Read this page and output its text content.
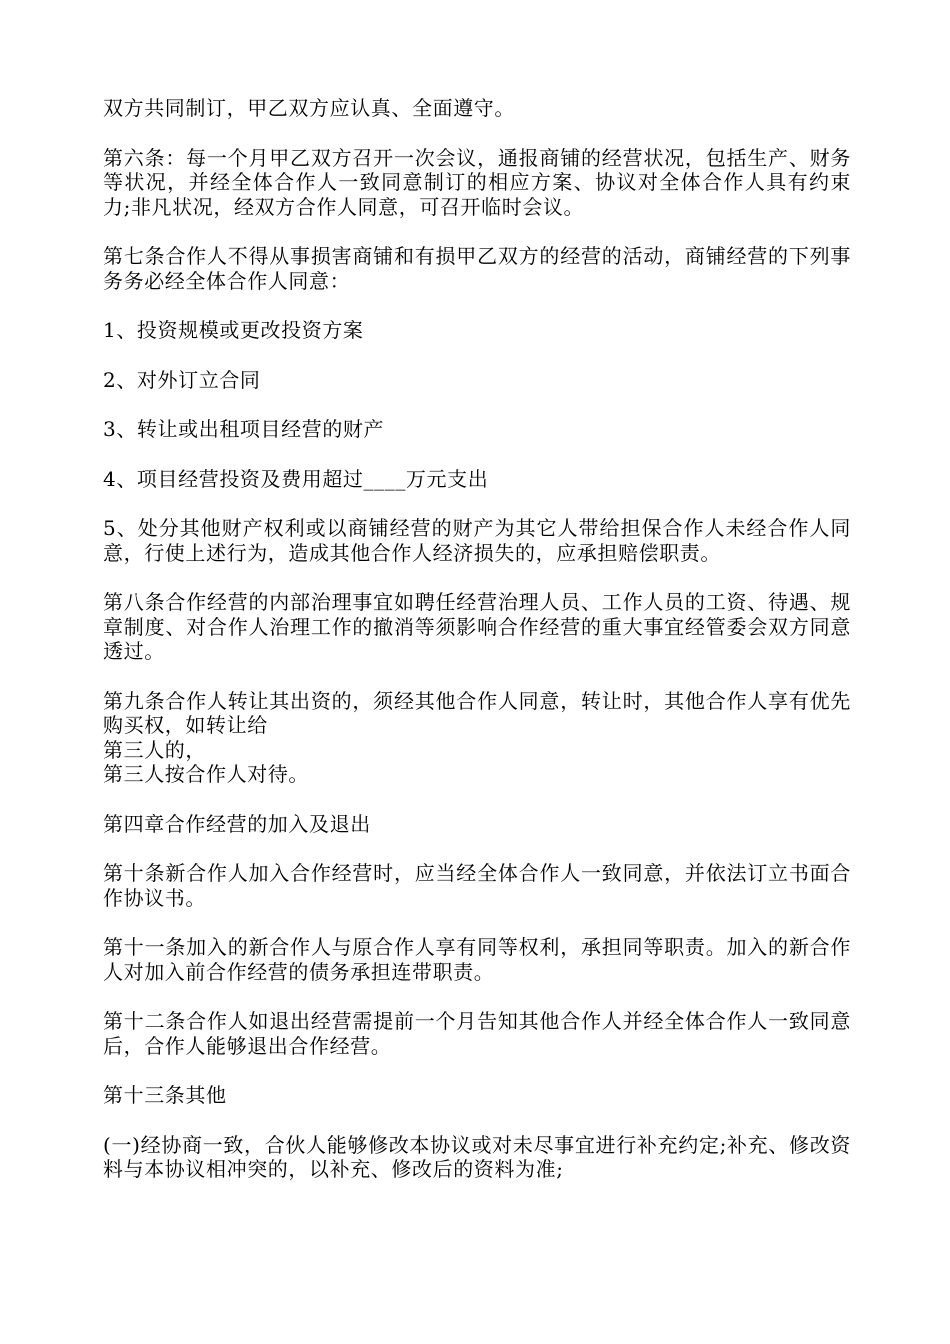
双方共同制订，甲乙双方应认真、全面遵守。
第六条：每一个月甲乙双方召开一次会议，通报商铺的经营状况，包括生产、财务等状况，并经全体合作人一致同意制订的相应方案、协议对全体合作人具有约束力;非凡状况，经双方合作人同意，可召开临时会议。
第七条合作人不得从事损害商铺和有损甲乙双方的经营的活动，商铺经营的下列事务务必经全体合作人同意：
1、投资规模或更改投资方案
2、对外订立合同
3、转让或出租项目经营的财产
4、项目经营投资及费用超过____万元支出
5、处分其他财产权利或以商铺经营的财产为其它人带给担保合作人未经合作人同意，行使上述行为，造成其他合作人经济损失的，应承担赔偿职责。
第八条合作经营的内部治理事宜如聘任经营治理人员、工作人员的工资、待遇、规章制度、对合作人治理工作的撤消等须影响合作经营的重大事宜经管委会双方同意透过。
第九条合作人转让其出资的，须经其他合作人同意，转让时，其他合作人享有优先购买权，如转让给
第三人的，
第三人按合作人对待。
第四章合作经营的加入及退出
第十条新合作人加入合作经营时，应当经全体合作人一致同意，并依法订立书面合作协议书。
第十一条加入的新合作人与原合作人享有同等权利，承担同等职责。加入的新合作人对加入前合作经营的债务承担连带职责。
第十二条合作人如退出经营需提前一个月告知其他合作人并经全体合作人一致同意后，合作人能够退出合作经营。
第十三条其他
(一)经协商一致，合伙人能够修改本协议或对未尽事宜进行补充约定;补充、修改资料与本协议相冲突的，以补充、修改后的资料为准;
